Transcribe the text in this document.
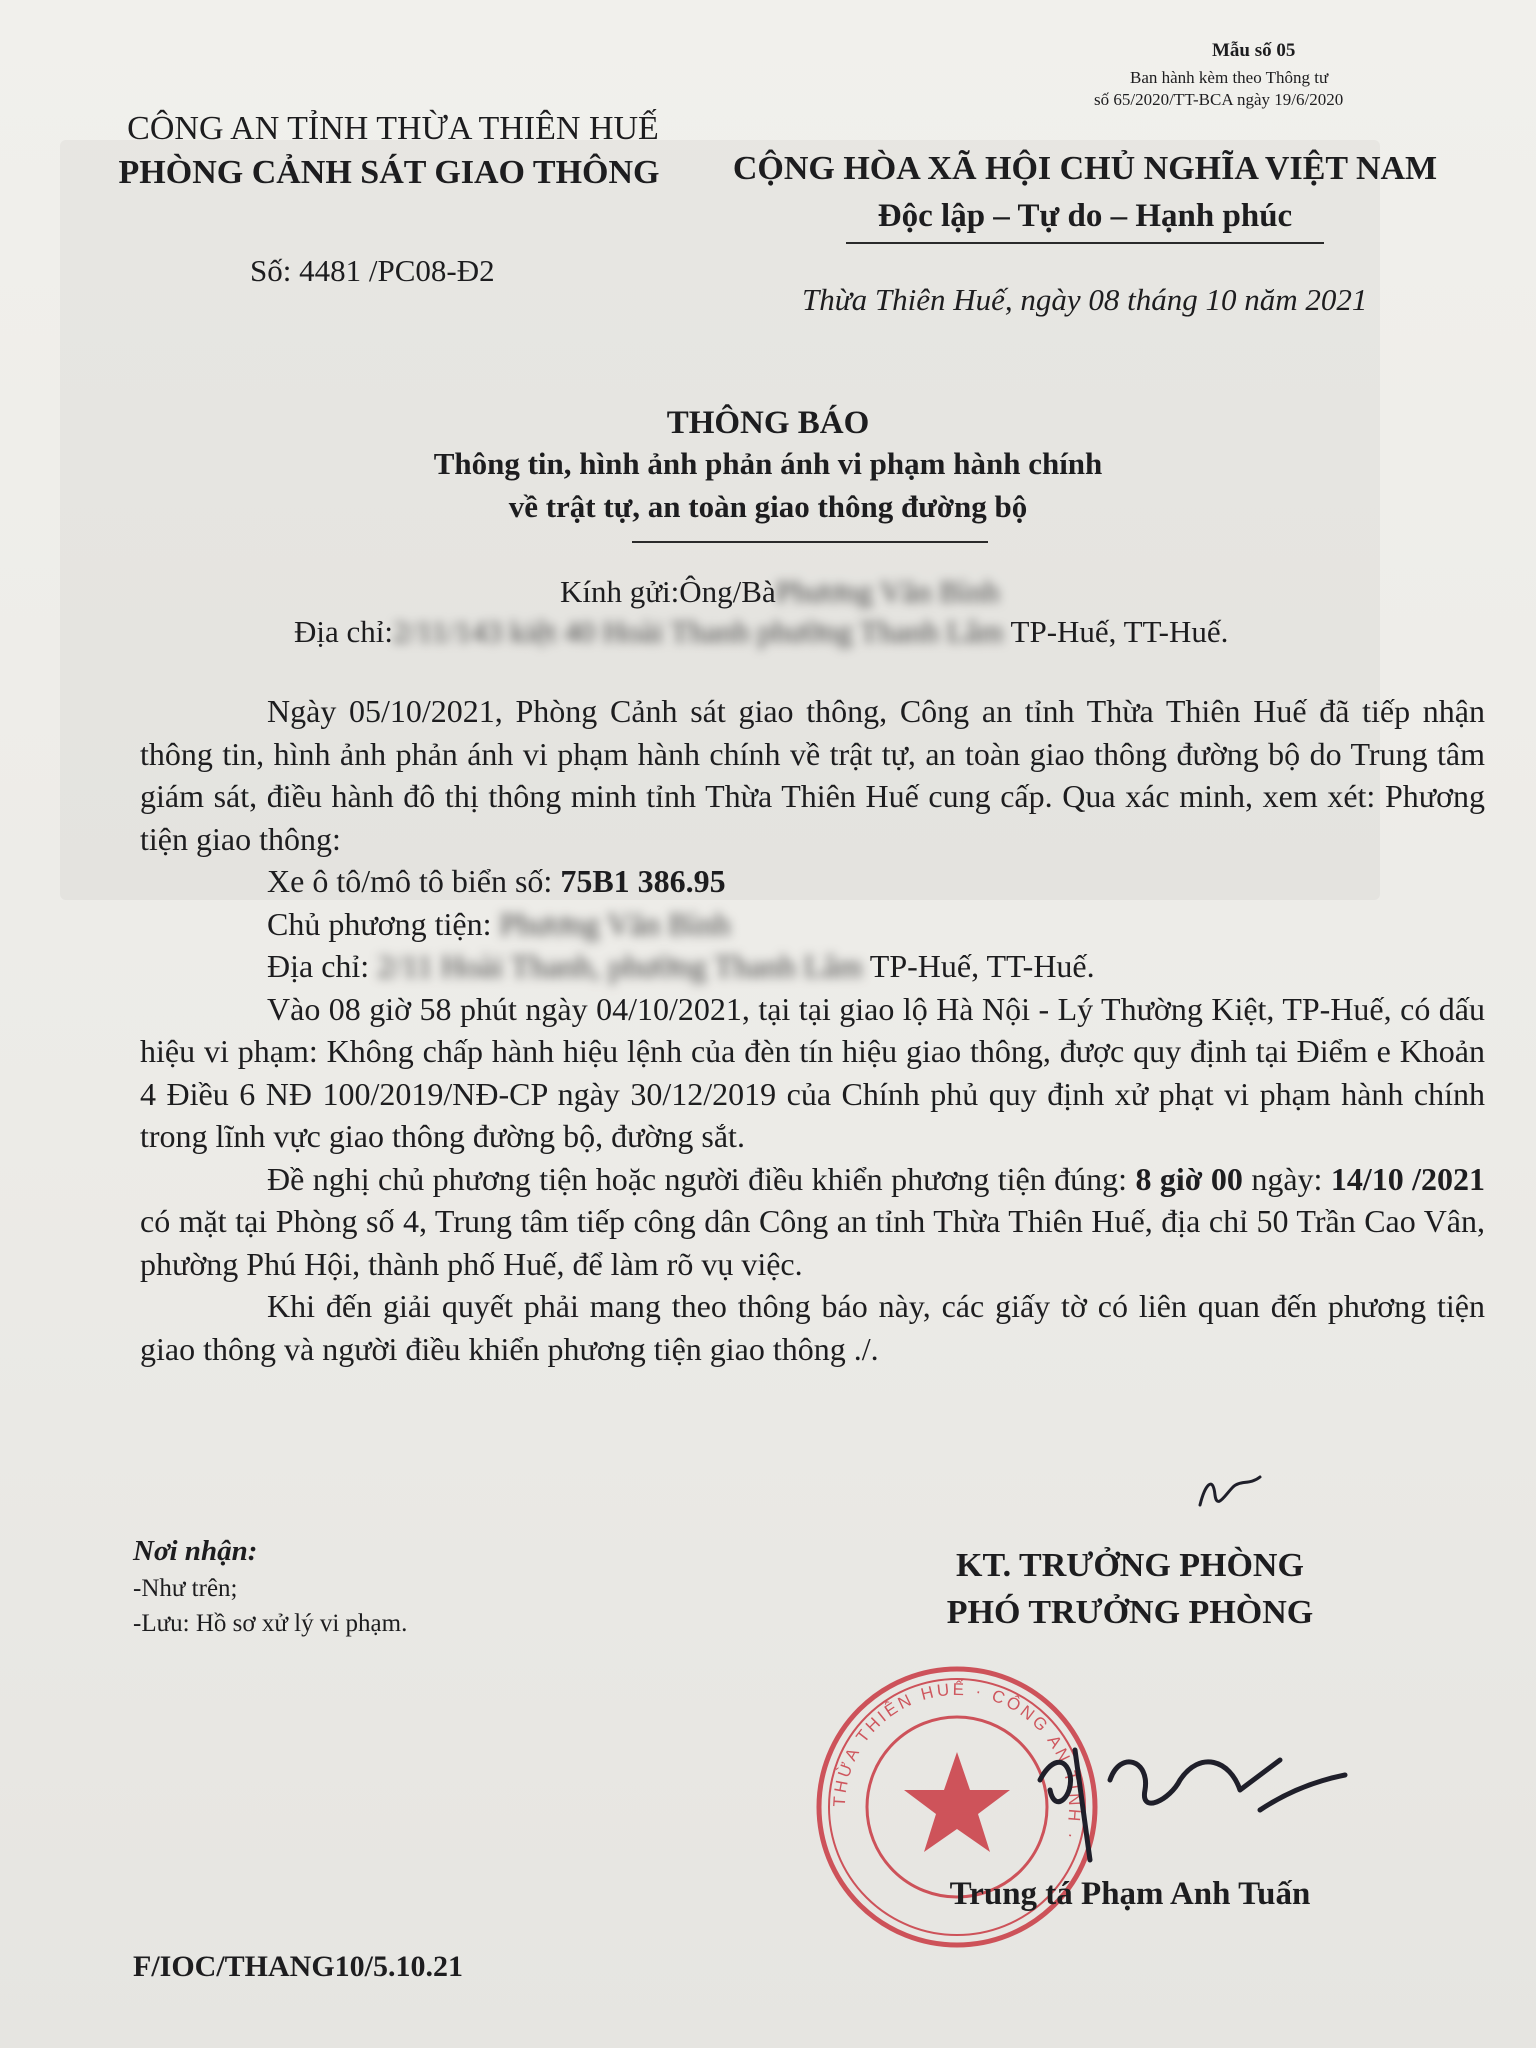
Mẫu số 05
Ban hành kèm theo Thông tư
số 65/2020/TT-BCA ngày 19/6/2020
CÔNG AN TỈNH THỪA THIÊN HUẾ
PHÒNG CẢNH SÁT GIAO THÔNG
Số: 4481 /PC08-Đ2
CỘNG HÒA XÃ HỘI CHỦ NGHĨA VIỆT NAM
Độc lập – Tự do – Hạnh phúc
Thừa Thiên Huế, ngày 08 tháng 10 năm 2021
THÔNG BÁO
Thông tin, hình ảnh phản ánh vi phạm hành chính
về trật tự, an toàn giao thông đường bộ
Kính gửi:Ông/BàPhương Văn Bình
Địa chỉ:2/11/143 kiệt 40 Hoài Thanh phường Thanh Lâm TP-Huế, TT-Huế.

Ngày 05/10/2021, Phòng Cảnh sát giao thông, Công an tỉnh Thừa Thiên Huế đã tiếp nhận thông tin, hình ảnh phản ánh vi phạm hành chính về trật tự, an toàn giao thông đường bộ do Trung tâm giám sát, điều hành đô thị thông minh tỉnh Thừa Thiên Huế cung cấp. Qua xác minh, xem xét: Phương tiện giao thông:

Xe ô tô/mô tô biển số: 75B1 386.95

Chủ phương tiện: Phương Văn Bình

Địa chỉ: 2/11 Hoài Thanh, phường Thanh Lâm TP-Huế, TT-Huế.

Vào 08 giờ 58 phút ngày 04/10/2021, tại tại giao lộ Hà Nội - Lý Thường Kiệt, TP-Huế, có dấu hiệu vi phạm: Không chấp hành hiệu lệnh của đèn tín hiệu giao thông, được quy định tại Điểm e Khoản 4 Điều 6 NĐ 100/2019/NĐ-CP ngày 30/12/2019 của Chính phủ quy định xử phạt vi phạm hành chính trong lĩnh vực giao thông đường bộ, đường sắt.

Đề nghị chủ phương tiện hoặc người điều khiển phương tiện đúng: 8 giờ 00 ngày: 14/10 /2021 có mặt tại Phòng số 4, Trung tâm tiếp công dân Công an tỉnh Thừa Thiên Huế, địa chỉ 50 Trần Cao Vân, phường Phú Hội, thành phố Huế, để làm rõ vụ việc.

Khi đến giải quyết phải mang theo thông báo này, các giấy tờ có liên quan đến phương tiện giao thông và người điều khiển phương tiện giao thông ./.

Nơi nhận:
-Như trên;
-Lưu: Hồ sơ xử lý vi phạm.
KT. TRƯỞNG PHÒNG
PHÓ TRƯỞNG PHÒNG
THỪA THIÊN HUẾ · CÔNG AN TỈNH ·
Trung tá Phạm Anh Tuấn
F/IOC/THANG10/5.10.21
